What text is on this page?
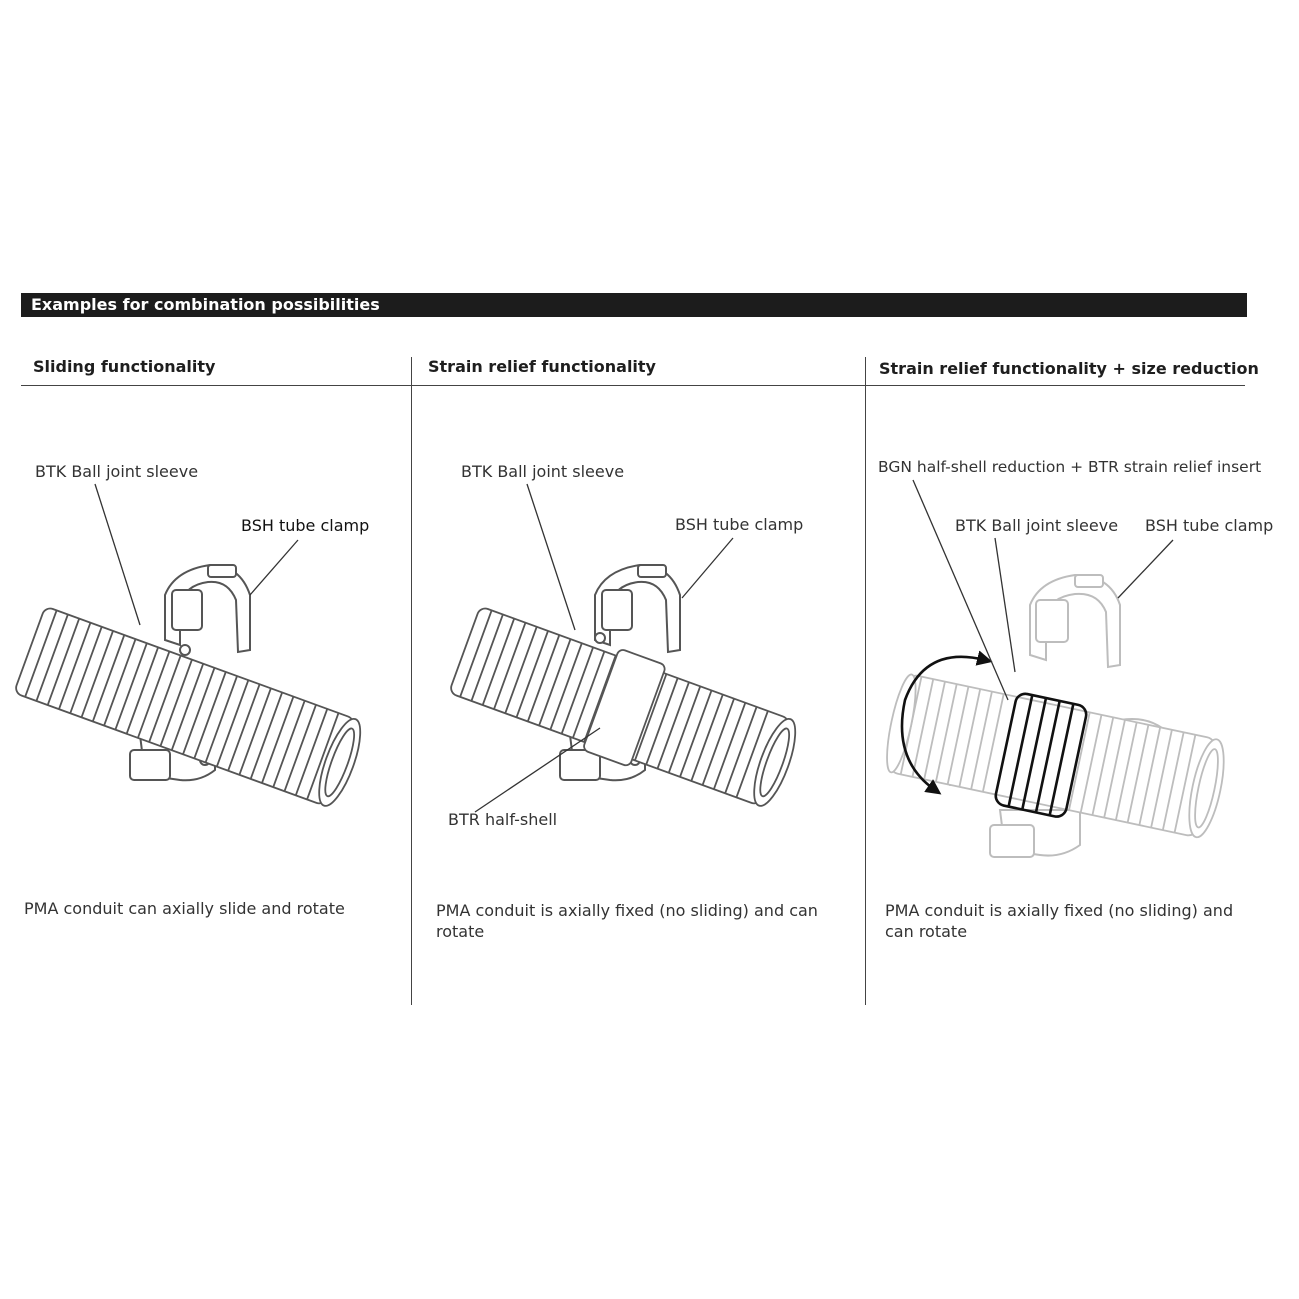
Examples for combination possibilities
Sliding functionality	Strain relief functionality	Strain relief functionality + size reduction
BTK Ball joint sleeve
BSH tube clamp
BTK Ball joint sleeve
BSH tube clamp
BTR half-shell
BGN half-shell reduction + BTR strain relief insert
BTK Ball joint sleeve BSH tube clamp
PMA conduit can axially slide and rotate	PMA conduit is axially fixed (no sliding) and can rotate
PMA conduit is axially fixed (no sliding) and can rotate
